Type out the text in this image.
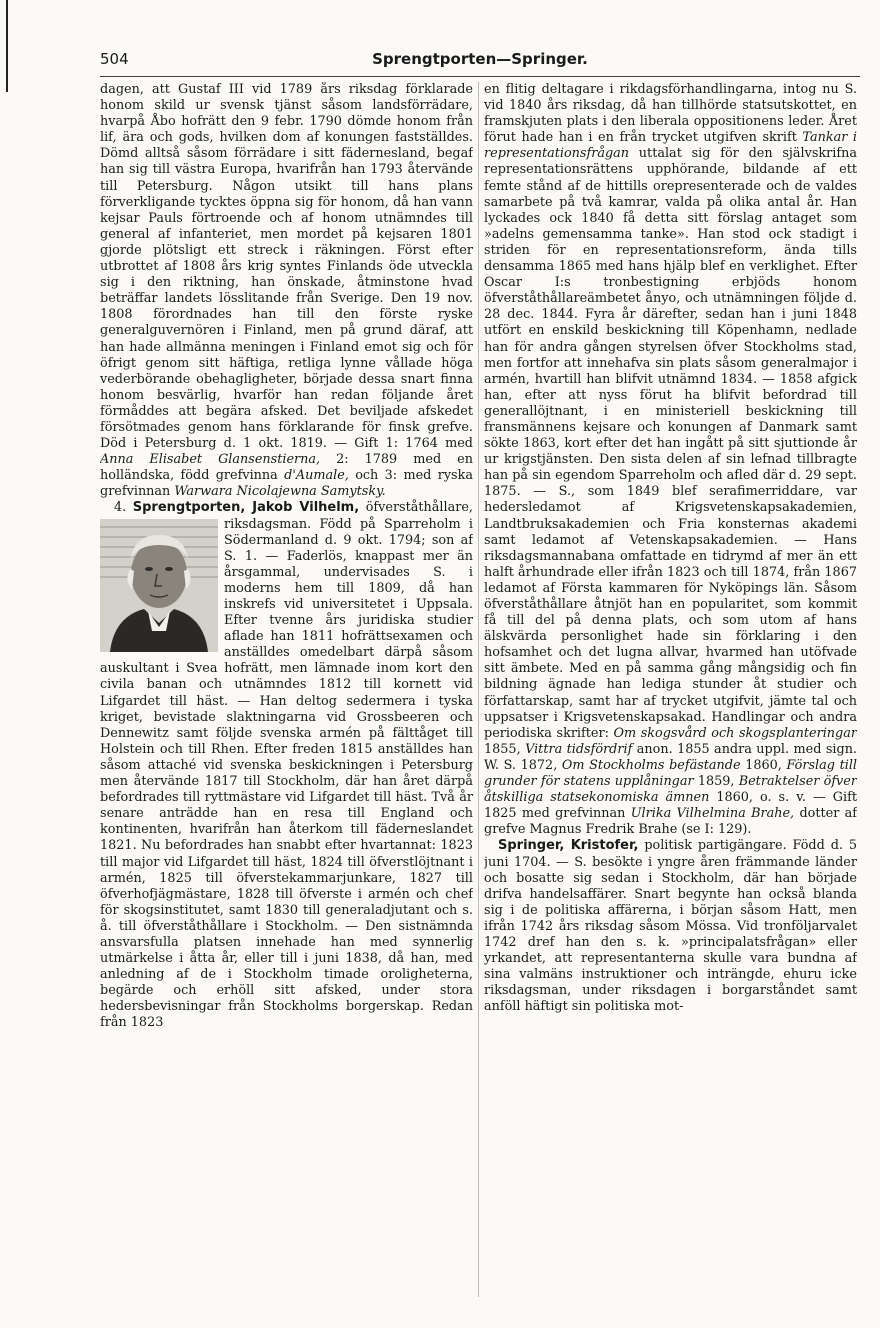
504	Sprengtporten—Springer.

dagen, att Gustaf III vid 1789 års riksdag förklarade honom skild ur svensk tjänst såsom landsförrädare, hvarpå Åbo hofrätt den 9 febr. 1790 dömde honom från lif, ära och gods, hvilken dom af konungen fastställdes. Dömd alltså såsom förrädare i sitt fädernesland, begaf han sig till västra Europa, hvarifrån han 1793 återvände till Petersburg. Någon utsikt till hans plans förverkligande tycktes öppna sig för honom, då han vann kejsar Pauls förtroende och af honom utnämndes till general af infanteriet, men mordet på kejsaren 1801 gjorde plötsligt ett streck i räkningen. Först efter utbrottet af 1808 års krig syntes Finlands öde utveckla sig i den riktning, han önskade, åtminstone hvad beträffar landets lösslitande från Sverige. Den 19 nov. 1808 förordnades han till den förste ryske generalguvernören i Finland, men på grund däraf, att han hade allmänna meningen i Finland emot sig och för öfrigt genom sitt häftiga, retliga lynne vållade höga vederbörande obehagligheter, började dessa snart finna honom besvärlig, hvarför han redan följande året förmåddes att begära afsked. Det beviljade afskedet försötmades genom hans förklarande för finsk grefve. Död i Petersburg d. 1 okt. 1819. — Gift 1: 1764 med Anna Elisabet Glansenstierna, 2: 1789 med en holländska, född grefvinna d'Aumale, och 3: med ryska grefvinnan Warwara Nicolajewna Samytsky.

4. Sprengtporten, Jakob Vilhelm,
öfverståthållare, riksdagsman. Född på Sparreholm i Södermanland d. 9 okt. 1794; son af S. 1. — Faderlös, knappast mer än årsgammal, undervisades S. i moderns hem till 1809, då han inskrefs vid universitetet i Uppsala. Efter tvenne års juridiska studier aflade han 1811 hofrättsexamen och anställdes omedelbart därpå såsom auskultant i Svea hofrätt, men lämnade inom kort den civila banan och utnämndes 1812 till kornett vid Lifgardet till häst. — Han deltog sedermera i tyska kriget, bevistade slaktningarna vid Grossbeeren och Dennewitz samt följde svenska armén på fälttåget till Holstein och till Rhen. Efter freden 1815 anställdes han såsom attaché vid svenska beskickningen i Petersburg men återvände 1817 till Stockholm, där han året därpå befordrades till ryttmästare vid Lifgardet till häst. Två år senare anträdde han en resa till England och kontinenten, hvarifrån han återkom till fäderneslandet 1821. Nu befordrades han snabbt efter hvartannat: 1823 till major vid Lifgardet till häst, 1824 till öfverstlöjtnant i armén, 1825 till öfverstekammarjunkare, 1827 till öfverhofjägmästare, 1828 till öfverste i armén och chef för skogsinstitutet, samt 1830 till generaladjutant och s. å. till öfverståthållare i Stockholm. — Den sistnämnda ansvarsfulla platsen innehade han med synnerlig utmärkelse i åtta år, eller till i juni 1838, då han, med anledning af de i Stockholm timade oroligheterna, begärde och erhöll sitt afsked, under stora hedersbevisningar från Stockholms borgerskap. Redan från 1823

en flitig deltagare i rikdagsförhandlingarna, intog nu S. vid 1840 års riksdag, då han tillhörde statsutskottet, en framskjuten plats i den liberala oppositionens leder. Året förut hade han i en från trycket utgifven skrift Tankar i representationsfrågan uttalat sig för den självskrifna representationsrättens upphörande, bildande af ett femte stånd af de hittills orepresenterade och de valdes samarbete på två kamrar, valda på olika antal år. Han lyckades ock 1840 få detta sitt förslag antaget som »adelns gemensamma tanke». Han stod ock stadigt i striden för en representationsreform, ända tills densamma 1865 med hans hjälp blef en verklighet. Efter Oscar I:s tronbestigning erbjöds honom öfverståthållareämbetet ånyo, och utnämningen följde d. 28 dec. 1844. Fyra år därefter, sedan han i juni 1848 utfört en enskild beskickning till Köpenhamn, nedlade han för andra gången styrelsen öfver Stockholms stad, men fortfor att innehafva sin plats såsom generalmajor i armén, hvartill han blifvit utnämnd 1834. — 1858 afgick han, efter att nyss förut ha blifvit befordrad till generallöjtnant, i en ministeriell beskickning till fransmännens kejsare och konungen af Danmark samt sökte 1863, kort efter det han ingått på sitt sjuttionde år ur krigstjänsten. Den sista delen af sin lefnad tillbragte han på sin egendom Sparreholm och afled där d. 29 sept. 1875. — S., som 1849 blef serafimerriddare, var hedersledamot af Krigsvetenskapsakademien, Landtbruksakademien och Fria konsternas akademi samt ledamot af Vetenskapsakademien. — Hans riksdagsmannabana omfattade en tidrymd af mer än ett halft århundrade eller ifrån 1823 och till 1874, från 1867 ledamot af Första kammaren för Nyköpings län. Såsom öfverståthållare åtnjöt han en popularitet, som kommit få till del på denna plats, och som utom af hans älskvärda personlighet hade sin förklaring i den hofsamhet och det lugna allvar, hvarmed han utöfvade sitt ämbete. Med en på samma gång mångsidig och fin bildning ägnade han lediga stunder åt studier och författarskap, samt har af trycket utgifvit, jämte tal och uppsatser i Krigsvetenskapsakad. Handlingar och andra periodiska skrifter: Om skogsvård och skogsplanteringar 1855, Vittra tidsfördrif anon. 1855 andra uppl. med sign. W. S. 1872, Om Stockholms befästande 1860, Förslag till grunder för statens upplåningar 1859, Betraktelser öfver åtskilliga statsekonomiska ämnen 1860, o. s. v. — Gift 1825 med grefvinnan Ulrika Vilhelmina Brahe, dotter af grefve Magnus Fredrik Brahe (se I: 129).

Springer, Kristofer, politisk partigängare. Född d. 5 juni 1704. — S. besökte i yngre åren främmande länder och bosatte sig sedan i Stockholm, där han började drifva handelsaffärer. Snart begynte han också blanda sig i de politiska affärerna, i början såsom Hatt, men ifrån 1742 års riksdag såsom Mössa. Vid tronföljarvalet 1742 dref han den s. k. »principalatsfrågan» eller yrkandet, att representanterna skulle vara bundna af sina valmäns instruktioner och inträngde, ehuru icke riksdagsman, under riksdagen i borgarståndet samt anföll häftigt sin politiska mot-
